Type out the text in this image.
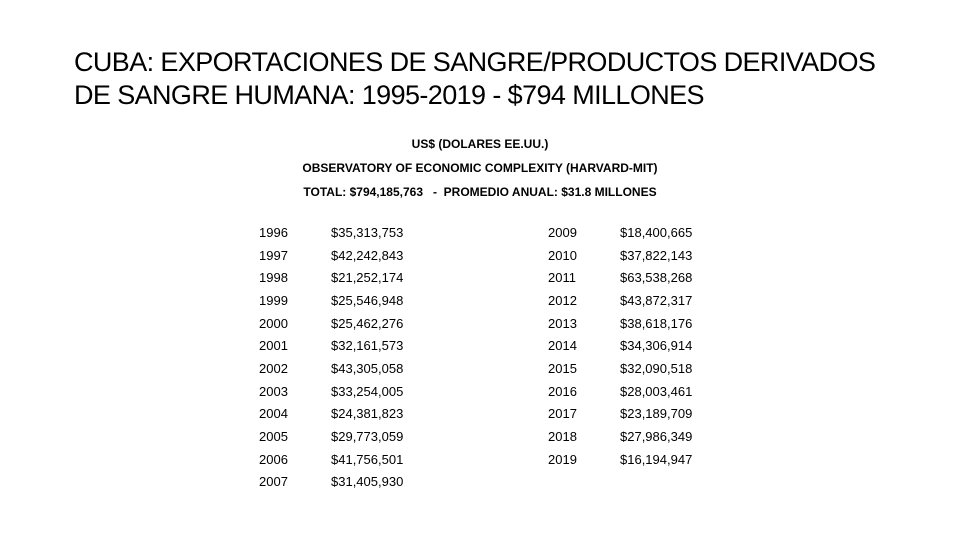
CUBA: EXPORTACIONES DE SANGRE/PRODUCTOS DERIVADOS
DE SANGRE HUMANA: 1995-2019 - $794 MILLONES
US$ (DOLARES EE.UU.)
OBSERVATORY OF ECONOMIC COMPLEXITY (HARVARD-MIT)
TOTAL: $794,185,763   -  PROMEDIO ANUAL: $31.8 MILLONES
1996	$35,313,753
1997	$42,242,843
1998	$21,252,174
1999	$25,546,948
2000	$25,462,276
2001	$32,161,573
2002	$43,305,058
2003	$33,254,005
2004	$24,381,823
2005	$29,773,059
2006	$41,756,501
2007	$31,405,930
2009	$18,400,665
2010	$37,822,143
2011	$63,538,268
2012	$43,872,317
2013	$38,618,176
2014	$34,306,914
2015	$32,090,518
2016	$28,003,461
2017	$23,189,709
2018	$27,986,349
2019	$16,194,947
